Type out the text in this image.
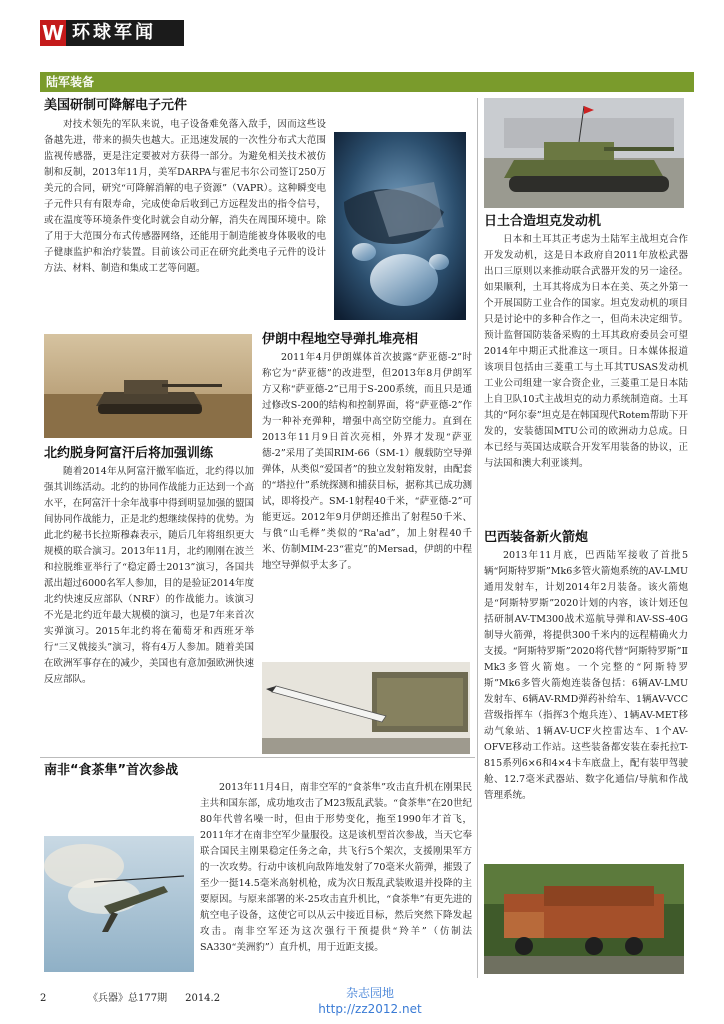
W 环球军闻
陆军装备
美国研制可降解电子元件
对技术领先的军队来说，电子设备难免落入敌手，因而这些设备越先进，带来的损失也越大。正迅速发展的一次性分布式大范围监视传感器，更是注定要被对方获得一部分。为避免相关技术被仿制和反制，2013年11月，美军DARPA与霍尼韦尔公司签订250万美元的合同，研究“可降解消解的电子资源”（VAPR）。这种瞬变电子元件只有有限寿命，完成使命后收到己方远程发出的指令信号，或在温度等环境条件变化时就会自动分解，消失在周围环境中。除了用于大范围分布式传感器网络，还能用于制造能被身体吸收的电子健康监护和治疗装置。目前该公司正在研究此类电子元件的设计方法、材料、制造和集成工艺等问题。
日土合造坦克发动机
日本和土耳其正考虑为土陆军主战坦克合作开发发动机，这是日本政府自2011年放松武器出口三原则以来推动联合武器开发的另一途径。如果顺利，土耳其将成为日本在美、英之外第一个开展国防工业合作的国家。坦克发动机的项目只是讨论中的多种合作之一，但尚未决定细节。预计监督国防装备采购的土耳其政府委员会可望2014年中期正式批准这一项目。日本媒体报道该项目包括由三菱重工与土耳其TUSAS发动机工业公司组建一家合资企业，三菱重工是日本陆上自卫队10式主战坦克的动力系统制造商。土耳其的“阿尔泰”坦克是在韩国现代Rotem帮助下开发的，安装德国MTU公司的欧洲动力总成。日本已经与英国达成联合开发军用装备的协议，正与法国和澳大利亚谈判。
北约脱身阿富汗后将加强训练
随着2014年从阿富汗撤军临近，北约得以加强其训练活动。北约的协同作战能力正达到一个高水平，在阿富汗十余年战事中得到明显加强的盟国间协同作战能力，正是北约想继续保持的优势。为此北约秘书长拉斯穆森表示，随后几年将组织更大规模的联合演习。2013年11月，北约刚刚在波兰和拉脱维亚举行了“稳定爵士2013”演习，各国共派出超过6000名军人参加，目的是验证2014年度北约快速反应部队（NRF）的作战能力。该演习不光是北约近年最大规模的演习，也是7年来首次实弹演习。2015年北约将在葡萄牙和西班牙举行“三叉戟接头”演习，将有4万人参加。随着美国在欧洲军事存在的减少，美国也有意加强欧洲快速反应部队。
伊朗中程地空导弹扎堆亮相
2011年4月伊朗媒体首次披露“萨亚德-2”时称它为“萨亚德”的改进型，但2013年8月伊朗军方又称“萨亚德-2”已用于S-200系统，而且只是通过修改S-200的结构和控制界面，将“萨亚德-2”作为一种补充弹种，增强中高空防空能力。直到在2013年11月9日首次亮相，外界才发现“萨亚德-2”采用了美国RIM-66（SM-1）舰载防空导弹弹体，从类似“爱国者”的独立发射箱发射，由配套的“塔拉什”系统探测和捕获目标，据称其已成功测试，即将投产。SM-1射程40千米，“萨亚德-2”可能更远。2012年9月伊朗还推出了射程50千米、与俄“山毛榉”类似的“Ra'ad”，加上射程40千米、仿制MIM-23“霍克”的Mersad，伊朗的中程地空导弹似乎太多了。
巴西装备新火箭炮
2013年11月底，巴西陆军接收了首批5辆“阿斯特罗斯”Mk6多管火箭炮系统的AV-LMU通用发射车，计划2014年2月装备。该火箭炮是“阿斯特罗斯”2020计划的内容，该计划还包括研制AV-TM300战术巡航导弹和AV-SS-40G制导火箭弹，将提供300千米内的远程精确火力支援。“阿斯特罗斯”2020将代替“阿斯特罗斯”Ⅱ Mk3多管火箭炮。一个完整的“阿斯特罗斯”Mk6多管火箭炮连装备包括：6辆AV-LMU发射车、6辆AV-RMD弹药补给车、1辆AV-VCC营级指挥车（指挥3个炮兵连）、1辆AV-MET移动气象站、1辆AV-UCF火控雷达车、1个AV-OFVE移动工作站。这些装备都安装在泰托拉T-815系列6×6和4×4卡车底盘上，配有装甲驾驶舱、12.7毫米武器站、数字化通信/导航和作战管理系统。
南非“食茶隼”首次参战
2013年11月4日，南非空军的“食茶隼”攻击直升机在刚果民主共和国东部，成功地攻击了M23叛乱武装。“食茶隼”在20世纪80年代曾名噪一时，但由于形势变化，拖至1990年才首飞，2011年才在南非空军少量服役。这是该机型首次参战，当天它奉联合国民主刚果稳定任务之命，共飞行5个架次，支援刚果军方的一次攻势。行动中该机向敌阵地发射了70毫米火箭弹，摧毁了至少一挺14.5毫米高射机枪，成为次日叛乱武装败退并投降的主要原因。与原来部署的米-25攻击直升机比，“食茶隼”有更先进的航空电子设备，这使它可以从云中接近目标，然后突然下降发起攻击。南非空军还为这次强行干预提供“羚羊”（仿制法SA330“美洲豹”）直升机，用于近距支援。
2	《兵器》总177期 2014.2	杂志园地
http://zz2012.net
